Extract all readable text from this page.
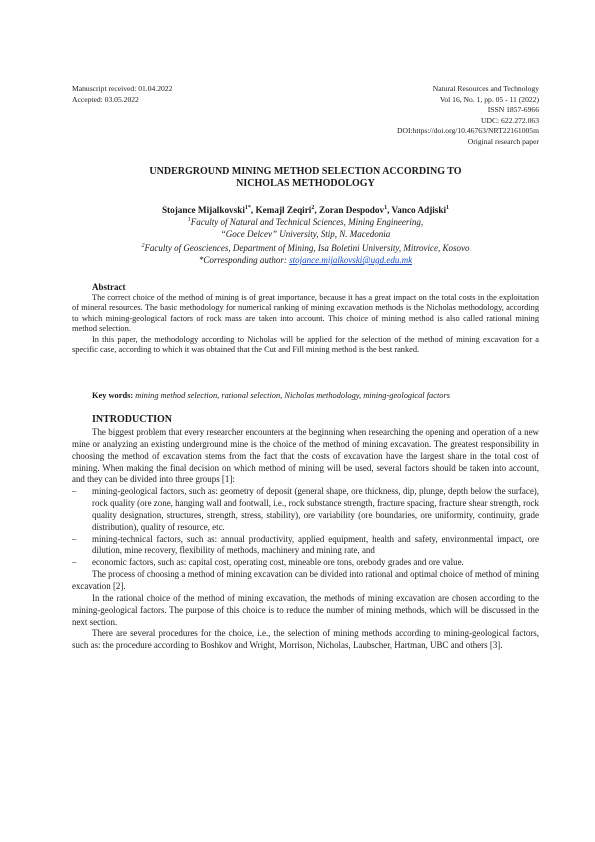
Manuscript received: 01.04.2022
Accepted: 03.05.2022
Natural Resources and Technology
Vol 16, No. 1, pp. 05 - 11 (2022)
ISSN 1857-6966
UDC: 622.272.063
DOI:https://doi.org/10.46763/NRT22161005m
Original research paper
UNDERGROUND MINING METHOD SELECTION ACCORDING TO
NICHOLAS METHODOLOGY
Stojance Mijalkovski$^{1*}$, Kemajl Zeqiri$^2$, Zoran Despodov$^1$, Vanco Adjiski$^1$
$^1$Faculty of Natural and Technical Sciences, Mining Engineering,
“Goce Delcev” University, Stip, N. Macedonia
$^2$Faculty of Geosciences, Department of Mining, Isa Boletini University, Mitrovice, Kosovo
*Corresponding author: stojance.mijalkovski@ugd.edu.mk
Abstract

The correct choice of the method of mining is of great importance, because it has a great impact on the total costs in the exploitation of mineral resources. The basic methodology for numerical ranking of mining excavation methods is the Nicholas methodology, according to which mining-geological factors of rock mass are taken into account. This choice of mining method is also called rational mining method selection.

In this paper, the methodology according to Nicholas will be applied for the selection of the method of mining excavation for a specific case, according to which it was obtained that the Cut and Fill mining method is the best ranked.

Key words: mining method selection, rational selection, Nicholas methodology, mining-geological factors
INTRODUCTION

The biggest problem that every researcher encounters at the beginning when researching the opening and operation of a new mine or analyzing an existing underground mine is the choice of the method of mining excavation. The greatest responsibility in choosing the method of excavation stems from the fact that the costs of excavation have the largest share in the total cost of mining. When making the final decision on which method of mining will be used, several factors should be taken into account, and they can be divided into three groups [1]:

– mining-geological factors, such as: geometry of deposit (general shape, ore thickness, dip, plunge, depth below the surface), rock quality (ore zone, hanging wall and footwall, i.e., rock substance strength, fracture spacing, fracture shear strength, rock quality designation, structures, strength, stress, stability), ore variability (ore boundaries, ore uniformity, continuity, grade distribution), quality of resource, etc.
– mining-technical factors, such as: annual productivity, applied equipment, health and safety, environmental impact, ore dilution, mine recovery, flexibility of methods, machinery and mining rate, and
– economic factors, such as: capital cost, operating cost, mineable ore tons, orebody grades and ore value.

The process of choosing a method of mining excavation can be divided into rational and optimal choice of method of mining excavation [2].

In the rational choice of the method of mining excavation, the methods of mining excavation are chosen according to the mining-geological factors. The purpose of this choice is to reduce the number of mining methods, which will be discussed in the next section.

There are several procedures for the choice, i.e., the selection of mining methods according to mining-geological factors, such as: the procedure according to Boshkov and Wright, Morrison, Nicholas, Laubscher, Hartman, UBC and others [3].
